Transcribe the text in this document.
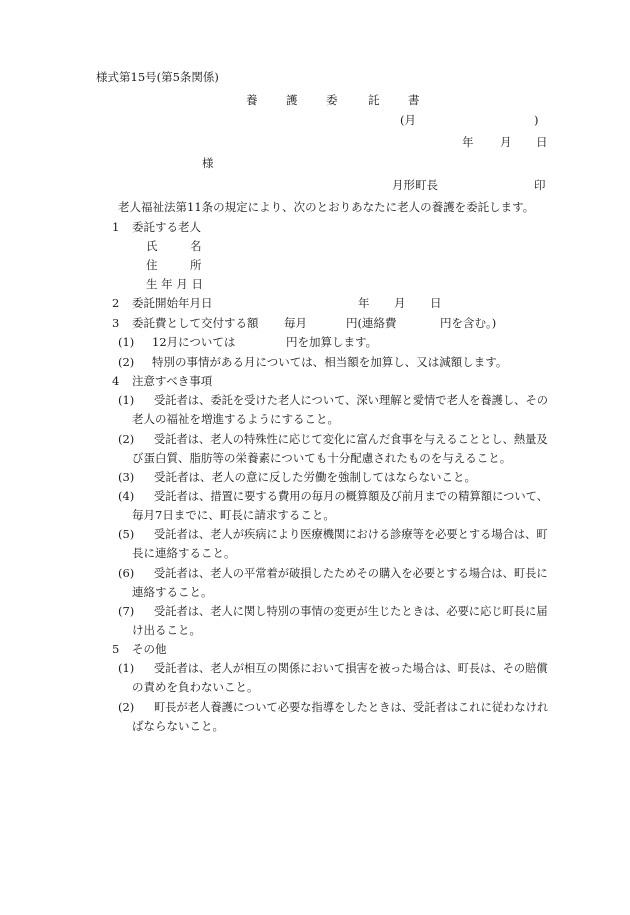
様式第15号(第5条関係)
養 護 委	託 書
(月	)
年 月 日
様
月形町長	印
老人福祉法第11条の規定により、次のとおりあなたに老人の養護を委託します。
1 委託する老人
氏	名
住	所
生 年 月 日
2 委託開始年月日	年 月 日
3 委託費として交付する額 毎月	円(連絡費	円を含む。)
(1) 12月については	円を加算します。
(2) 特別の事情がある月については、相当額を加算し、又は減額します。
4 注意すべき事項
(1) 受託者は、委託を受けた老人について、深い理解と愛情で老人を養護し、その
老人の福祉を増進するようにすること。
(2) 受託者は、老人の特殊性に応じて変化に富んだ食事を与えることとし、熱量及
び蛋白質、脂肪等の栄養素についても十分配慮されたものを与えること。
(3) 受託者は、老人の意に反した労働を強制してはならないこと。
(4) 受託者は、措置に要する費用の毎月の概算額及び前月までの精算額について、
毎月7日までに、町長に請求すること。
(5) 受託者は、老人が疾病により医療機関における診療等を必要とする場合は、町
長に連絡すること。
(6) 受託者は、老人の平常着が破損したためその購入を必要とする場合は、町長に
連絡すること。
(7) 受託者は、老人に関し特別の事情の変更が生じたときは、必要に応じ町長に届
け出ること。
5 その他
(1) 受託者は、老人が相互の関係において損害を被った場合は、町長は、その賠償
の責めを負わないこと。
(2) 町長が老人養護について必要な指導をしたときは、受託者はこれに従わなけれ
ばならないこと。
